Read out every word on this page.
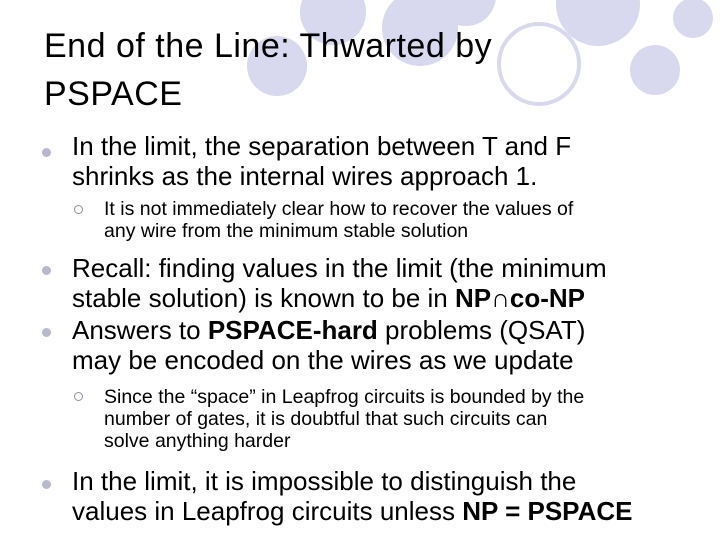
End of the Line: Thwarted by
PSPACE
In the limit, the separation between T and F
shrinks as the internal wires approach 1.
It is not immediately clear how to recover the values of
any wire from the minimum stable solution
Recall: finding values in the limit (the minimum
stable solution) is known to be in NP∩co-NP
Answers to PSPACE-hard problems (QSAT)
may be encoded on the wires as we update
Since the “space” in Leapfrog circuits is bounded by the
number of gates, it is doubtful that such circuits can
solve anything harder
In the limit, it is impossible to distinguish the
values in Leapfrog circuits unless NP = PSPACE
